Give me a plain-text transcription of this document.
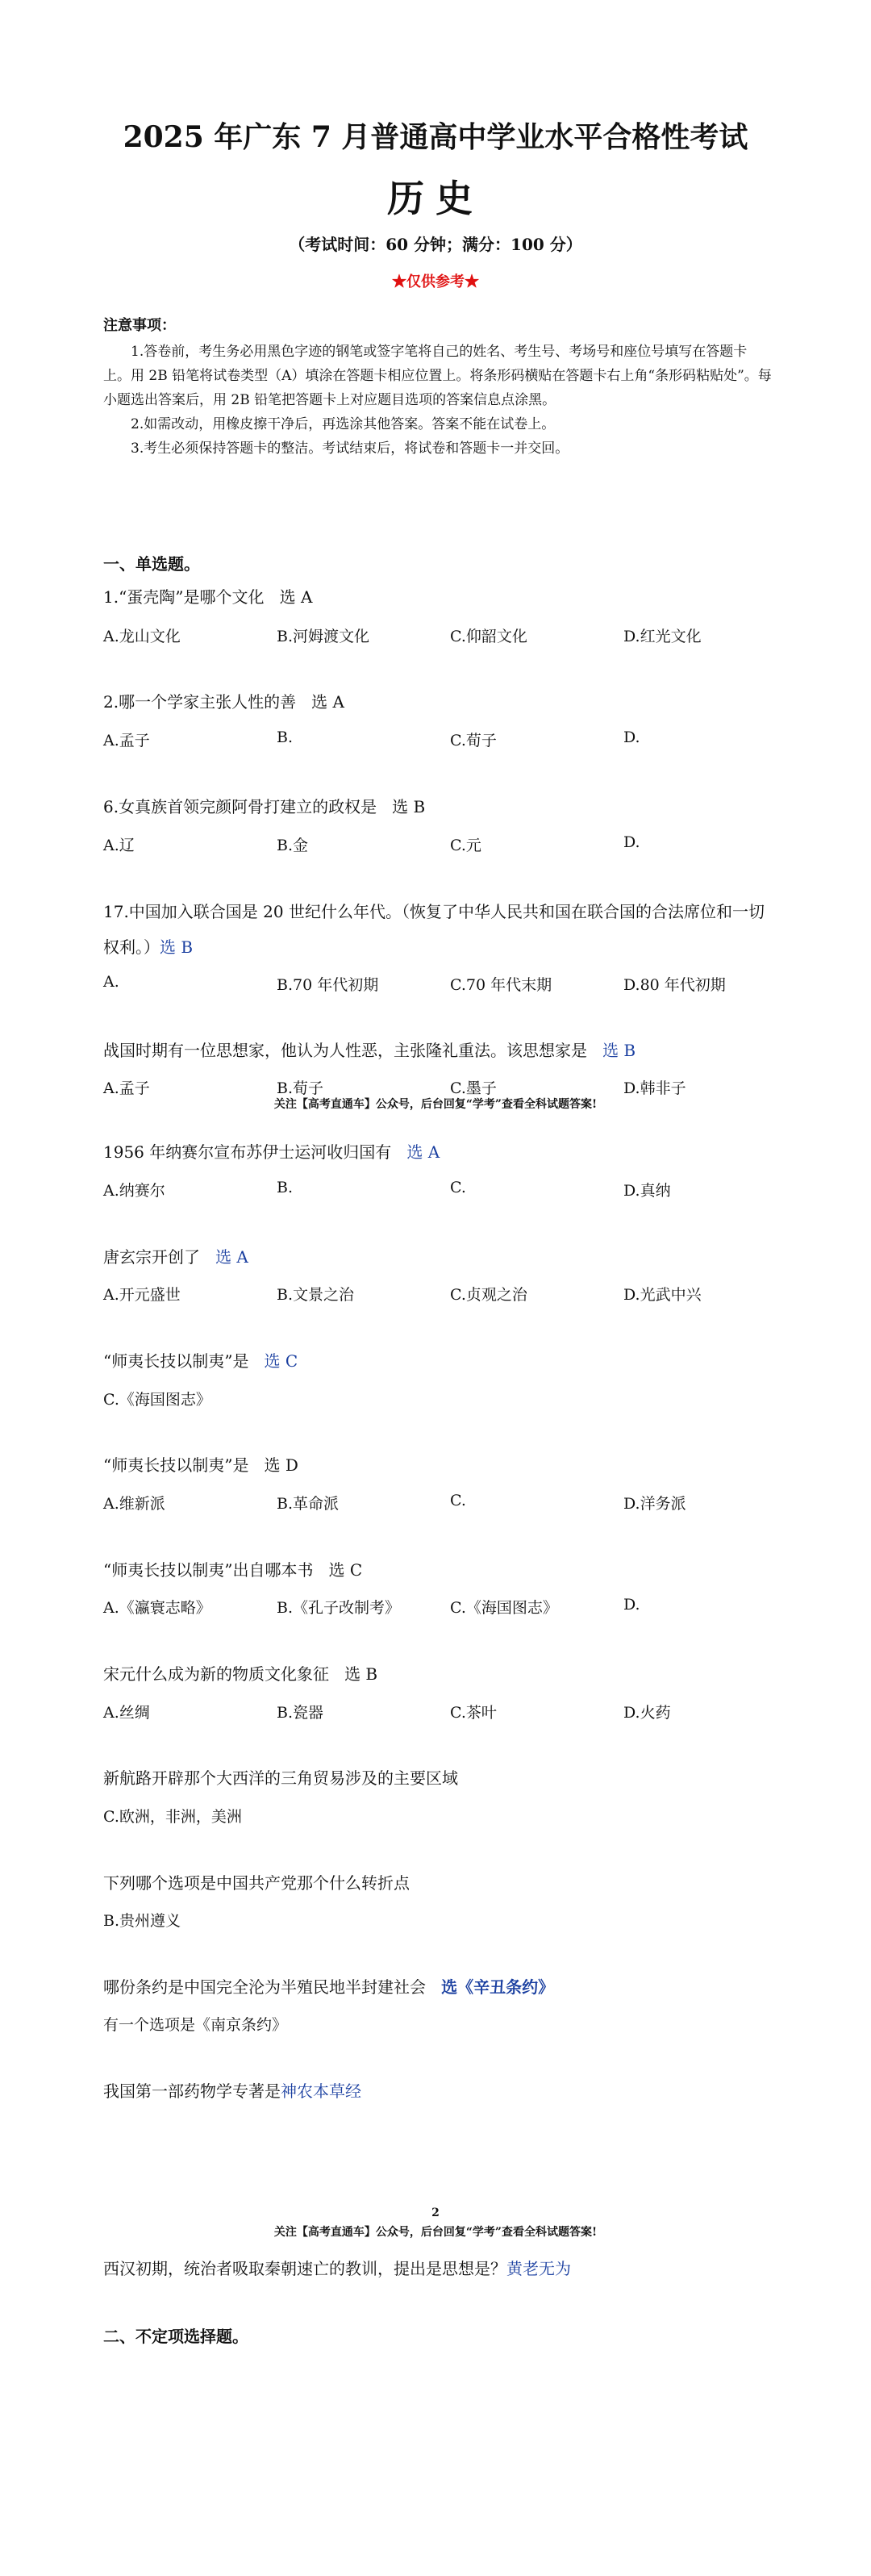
2025 年广东 7 月普通高中学业水平合格性考试
历史
（考试时间：60 分钟；满分：100 分）
★仅供参考★
注意事项：

1.答卷前，考生务必用黑色字迹的钢笔或签字笔将自己的姓名、考生号、考场号和座位号填写在答题卡上。用 2B 铅笔将试卷类型（A）填涂在答题卡相应位置上。将条形码横贴在答题卡右上角“条形码粘贴处”。每小题选出答案后，用 2B 铅笔把答题卡上对应题目选项的答案信息点涂黑。

2.如需改动，用橡皮擦干净后，再选涂其他答案。答案不能在试卷上。

3.考生必须保持答题卡的整洁。考试结束后，将试卷和答题卡一并交回。

一、单选题。
1.“蛋壳陶”是哪个文化 选 A
A.龙山文化	B.河姆渡文化	C.仰韶文化	D.红光文化
2.哪一个学家主张人性的善 选 A
A.孟子	B.	C.荀子	D.
6.女真族首领完颜阿骨打建立的政权是 选 B
A.辽	B.金	C.元	D.
17.中国加入联合国是 20 世纪什么年代。（恢复了中华人民共和国在联合国的合法席位和一切权利。）选 B
A.	B.70 年代初期	C.70 年代末期	D.80 年代初期
战国时期有一位思想家，他认为人性恶，主张隆礼重法。该思想家是 选 B
A.孟子	B.荀子	C.墨子	D.韩非子
关注【高考直通车】公众号，后台回复“学考”查看全科试题答案!
1956 年纳赛尔宣布苏伊士运河收归国有 选 A
A.纳赛尔	B.	C.	D.真纳
唐玄宗开创了 选 A
A.开元盛世	B.文景之治	C.贞观之治	D.光武中兴
“师夷长技以制夷”是 选 C
C.《海国图志》
“师夷长技以制夷”是 选 D
A.维新派	B.革命派	C.	D.洋务派
“师夷长技以制夷”出自哪本书 选 C
A.《瀛寰志略》	B.《孔子改制考》	C.《海国图志》	D.
宋元什么成为新的物质文化象征 选 B
A.丝绸	B.瓷器	C.茶叶	D.火药
新航路开辟那个大西洋的三角贸易涉及的主要区域
C.欧洲，非洲，美洲
下列哪个选项是中国共产党那个什么转折点
B.贵州遵义
哪份条约是中国完全沦为半殖民地半封建社会 选《辛丑条约》
有一个选项是《南京条约》
我国第一部药物学专著是神农本草经
2
关注【高考直通车】公众号，后台回复“学考”查看全科试题答案!
西汉初期，统治者吸取秦朝速亡的教训，提出是思想是？黄老无为
二、不定项选择题。
